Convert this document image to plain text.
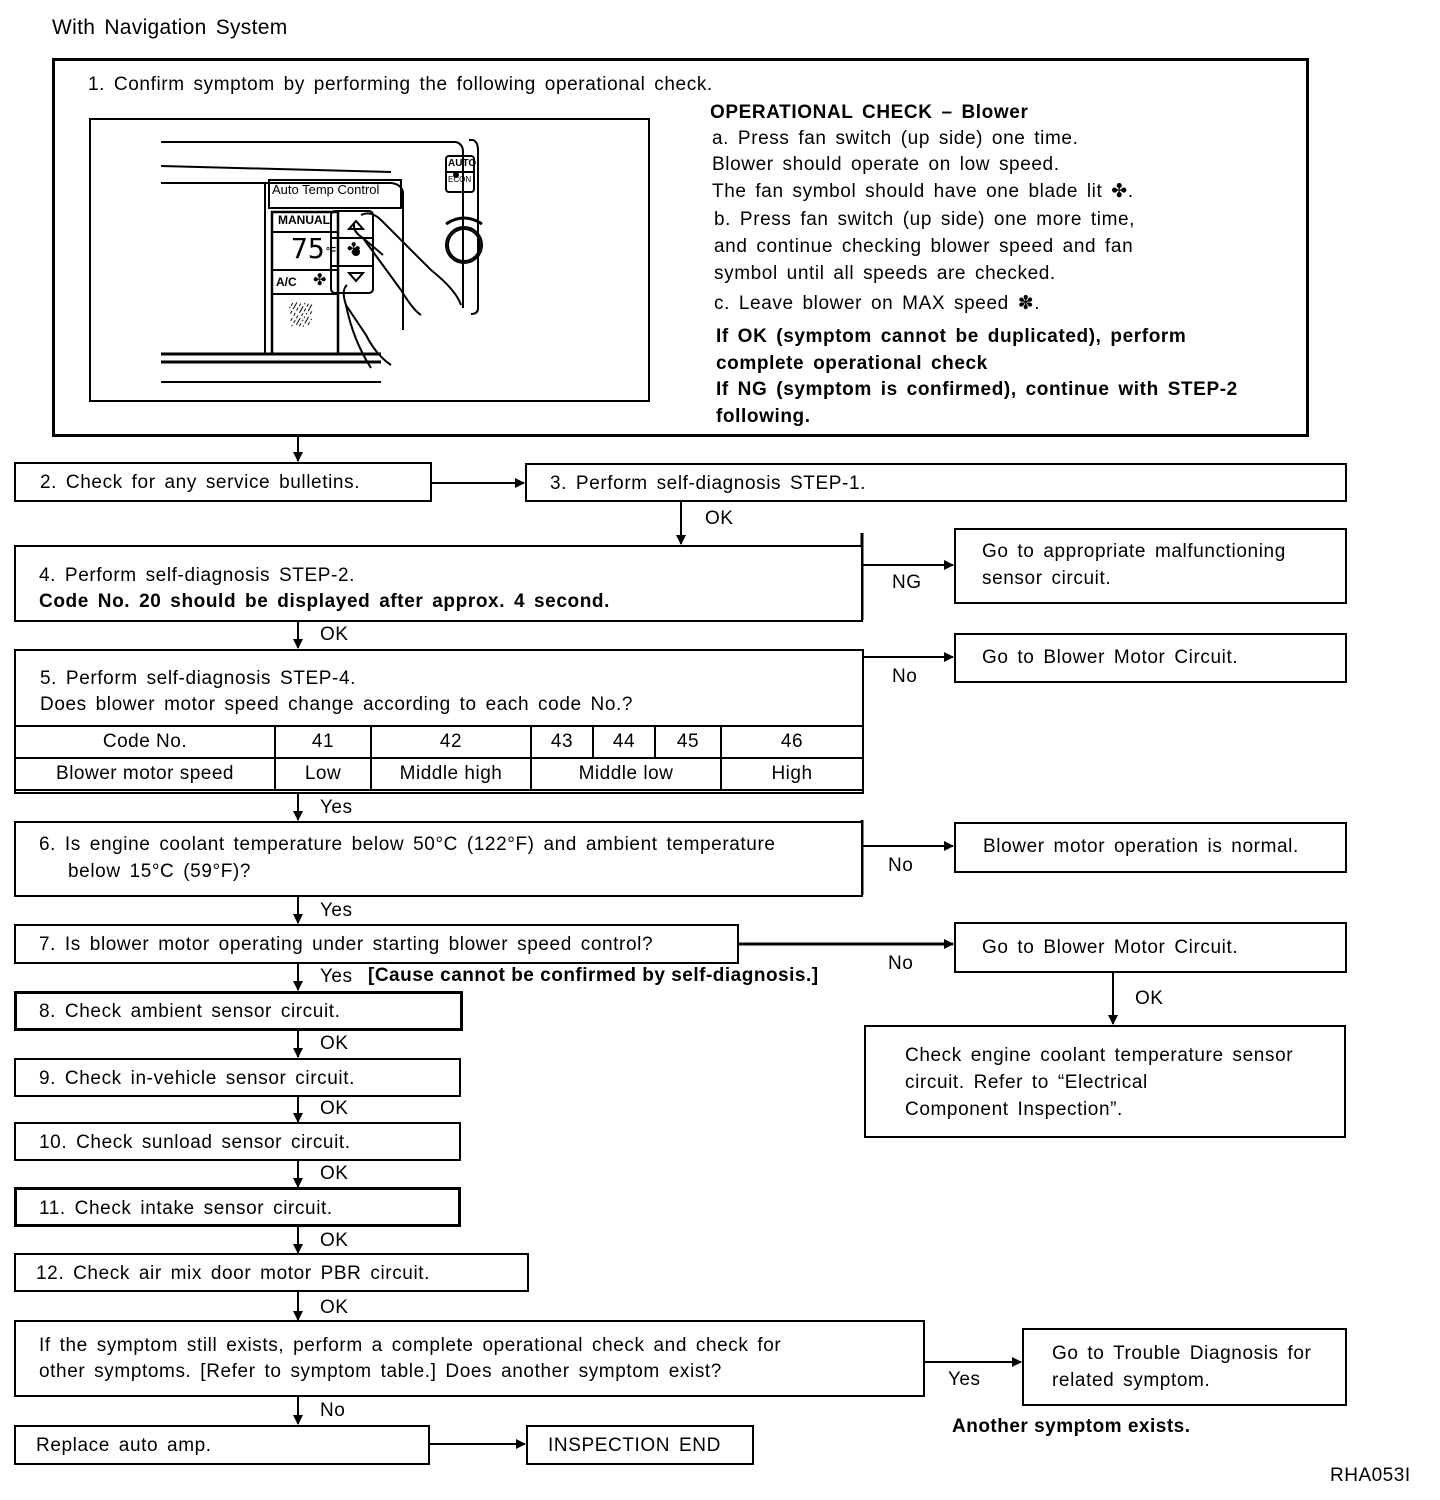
With Navigation System
1. Confirm symptom by performing the following operational check.
Auto Temp Control
MANUAL
75 °F
A/C ✤
✤
⛆
AUTO
ECON
OPERATIONAL CHECK – Blower
a. Press fan switch (up side) one time.
Blower should operate on low speed.
The fan symbol should have one blade lit ✤.
b. Press fan switch (up side) one more time,
and continue checking blower speed and fan
symbol until all speeds are checked.
c. Leave blower on MAX speed ✽.
If OK (symptom cannot be duplicated), perform
complete operational check
If NG (symptom is confirmed), continue with STEP-2
following.
2. Check for any service bulletins.	3. Perform self-diagnosis STEP-1.
OK
4. Perform self-diagnosis STEP-2.
Code No. 20 should be displayed after approx. 4 second.
NG
Go to appropriate malfunctioning sensor circuit.
OK
5. Perform self-diagnosis STEP-4.
Does blower motor speed change according to each code No.?
Code No.	41	42	43	44	45	46
Blower motor speed	Low	Middle high	Middle low			High
No
Go to Blower Motor Circuit.
Yes
6. Is engine coolant temperature below 50°C (122°F) and ambient temperature
below 15°C (59°F)?	No
Blower motor operation is normal.
Yes
7. Is blower motor operating under starting blower speed control?
No
Go to Blower Motor Circuit.
OK
Yes [Cause cannot be confirmed by self-diagnosis.]
Check engine coolant temperature sensor
circuit. Refer to “Electrical
Component Inspection”.
8. Check ambient sensor circuit.
OK
9. Check in-vehicle sensor circuit.
OK
10. Check sunload sensor circuit.
OK
11. Check intake sensor circuit.
OK
12. Check air mix door motor PBR circuit.
OK
If the symptom still exists, perform a complete operational check and check for
other symptoms. [Refer to symptom table.] Does another symptom exist?	Yes
Go to Trouble Diagnosis for
related symptom.
Another symptom exists.
No
Replace auto amp.	INSPECTION END
RHA053I
